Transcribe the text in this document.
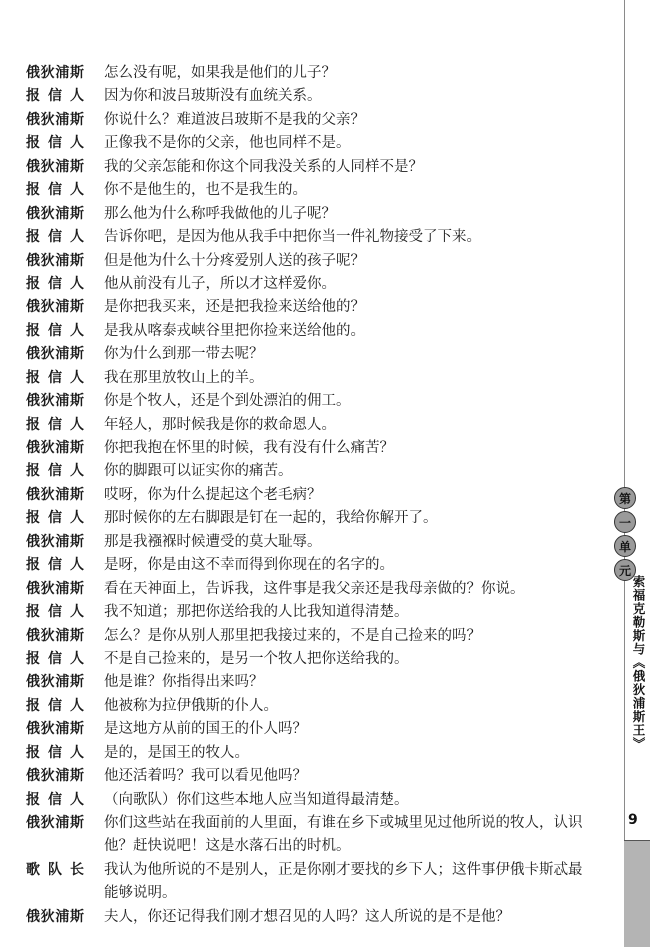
俄 狄 浦 斯 怎么没有呢，如果我是他们的儿子？
报 信 人 因为你和波吕玻斯没有血统关系。
俄 狄 浦 斯 你说什么？难道波吕玻斯不是我的父亲？
报 信 人 正像我不是你的父亲，他也同样不是。
俄 狄 浦 斯 我的父亲怎能和你这个同我没关系的人同样不是？
报 信 人 你不是他生的，也不是我生的。
俄 狄 浦 斯 那么他为什么称呼我做他的儿子呢？
报 信 人 告诉你吧，是因为他从我手中把你当一件礼物接受了下来。
俄 狄 浦 斯 但是他为什么十分疼爱别人送的孩子呢？
报 信 人 他从前没有儿子，所以才这样爱你。
俄 狄 浦 斯 是你把我买来，还是把我捡来送给他的？
报 信 人 是我从喀泰戎峡谷里把你捡来送给他的。
俄 狄 浦 斯 你为什么到那一带去呢？
报 信 人 我在那里放牧山上的羊。
俄 狄 浦 斯 你是个牧人，还是个到处漂泊的佣工。
报 信 人 年轻人，那时候我是你的救命恩人。
俄 狄 浦 斯 你把我抱在怀里的时候，我有没有什么痛苦？
报 信 人 你的脚跟可以证实你的痛苦。
俄 狄 浦 斯 哎呀，你为什么提起这个老毛病？
报 信 人 那时候你的左右脚跟是钉在一起的，我给你解开了。
俄 狄 浦 斯 那是我襁褓时候遭受的莫大耻辱。
报 信 人 是呀，你是由这不幸而得到你现在的名字的。
俄 狄 浦 斯 看在天神面上，告诉我，这件事是我父亲还是我母亲做的？你说。
报 信 人 我不知道；那把你送给我的人比我知道得清楚。
俄 狄 浦 斯 怎么？是你从别人那里把我接过来的，不是自己捡来的吗？
报 信 人 不是自己捡来的，是另一个牧人把你送给我的。
俄 狄 浦 斯 他是谁？你指得出来吗？
报 信 人 他被称为拉伊俄斯的仆人。
俄 狄 浦 斯 是这地方从前的国王的仆人吗？
报 信 人 是的，是国王的牧人。
俄 狄 浦 斯 他还活着吗？我可以看见他吗？
报 信 人 （向歌队）你们这些本地人应当知道得最清楚。
俄 狄 浦 斯 你们这些站在我面前的人里面，有谁在乡下或城里见过他所说的牧人，认识他？赶快说吧！这是水落石出的时机。
歌 队 长 我认为他所说的不是别人，正是你刚才要找的乡下人；这件事伊俄卡斯忒最能够说明。
俄 狄 浦 斯 夫人，你还记得我们刚才想召见的人吗？这人所说的是不是他？
第
一
单
元
索福克勒斯与《俄狄浦斯王》
9
